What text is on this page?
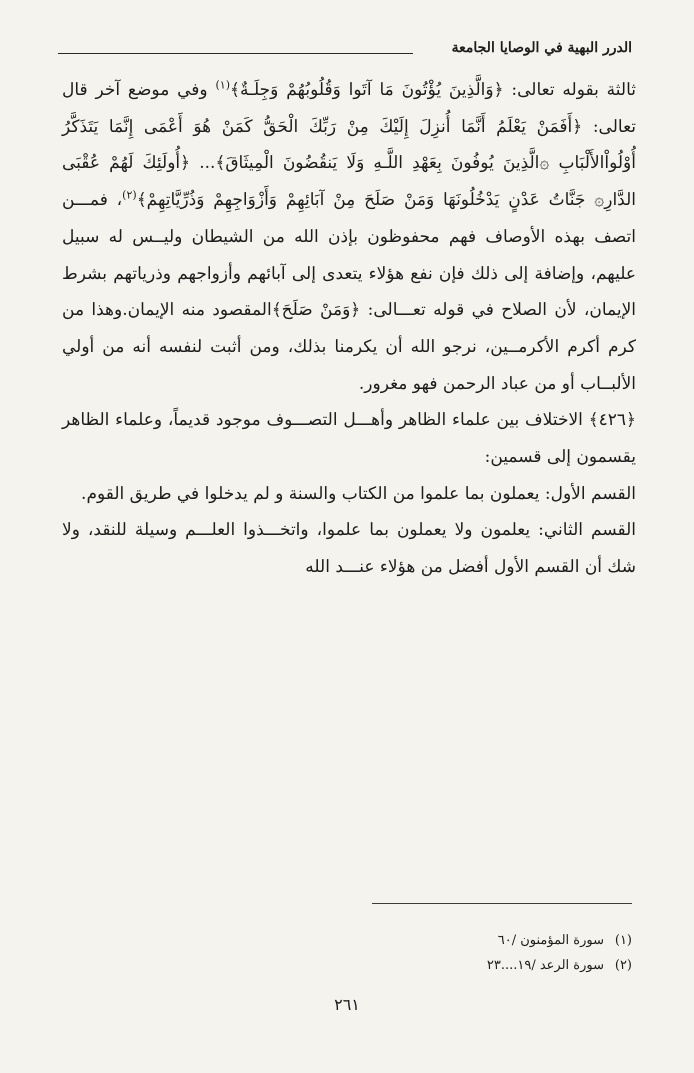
الدرر البهية في الوصايا الجامعة

ثالثة بقوله تعالى: ﴿وَالَّذِينَ يُؤْتُونَ مَا آتَوا وَقُلُوبُهُمْ وَجِلَـةٌ﴾$^{(١)}$ وفي موضع آخر قال تعالى: ﴿أَفَمَنْ يَعْلَمُ أَنَّمَا أُنزِلَ إِلَيْكَ مِنْ رَبِّكَ الْحَقُّ كَمَنْ هُوَ أَعْمَى إِنَّمَا يَتَذَكَّرُ أُوْلُواْالأَلْبَابِ ۞الَّذِينَ يُوفُونَ بِعَهْدِ اللَّـهِ وَلَا يَنقُضُونَ الْمِيثَاقَ﴾... ﴿أُولَئِكَ لَهُمْ عُقْبَى الدَّارِ۞ جَنَّاتُ عَدْنٍ يَدْخُلُونَهَا وَمَنْ صَلَحَ مِنْ آبَائِهِمْ وَأَزْوَاجِهِمْ وَذُرِّيَّاتِهِمْ﴾$^{(٢)}$، فمـــن اتصف بهذه الأوصاف فهم محفوظون بإذن الله من الشيطان وليــس له سبيل عليهم، وإضافة إلى ذلك فإن نفع هؤلاء يتعدى إلى آبائهم وأزواجهم وذرياتهم بشرط الإيمان، لأن الصلاح في قوله تعـــالى: ﴿وَمَنْ صَلَحَ﴾المقصود منه الإيمان.وهذا من كرم أكرم الأكرمــين، نرجو الله أن يكرمنا بذلك، ومن أثبت لنفسه أنه من أولي الألبــاب أو من عباد الرحمن فهو مغرور.

﴿٤٢٦﴾ الاختلاف بين علماء الظاهر وأهـــل التصـــوف موجود قديماً، وعلماء الظاهر يقسمون إلى قسمين:

القسم الأول: يعملون بما علموا من الكتاب والسنة و لم يدخلوا في طريق القوم.

القسم الثاني: يعلمون ولا يعملون بما علموا، واتخـــذوا العلـــم وسيلة للنقد، ولا شك أن القسم الأول أفضل من هؤلاء عنـــد الله

(١)سورة المؤمنون /٦٠
(٢)سورة الرعد /١٩....٢٣
٢٦١
